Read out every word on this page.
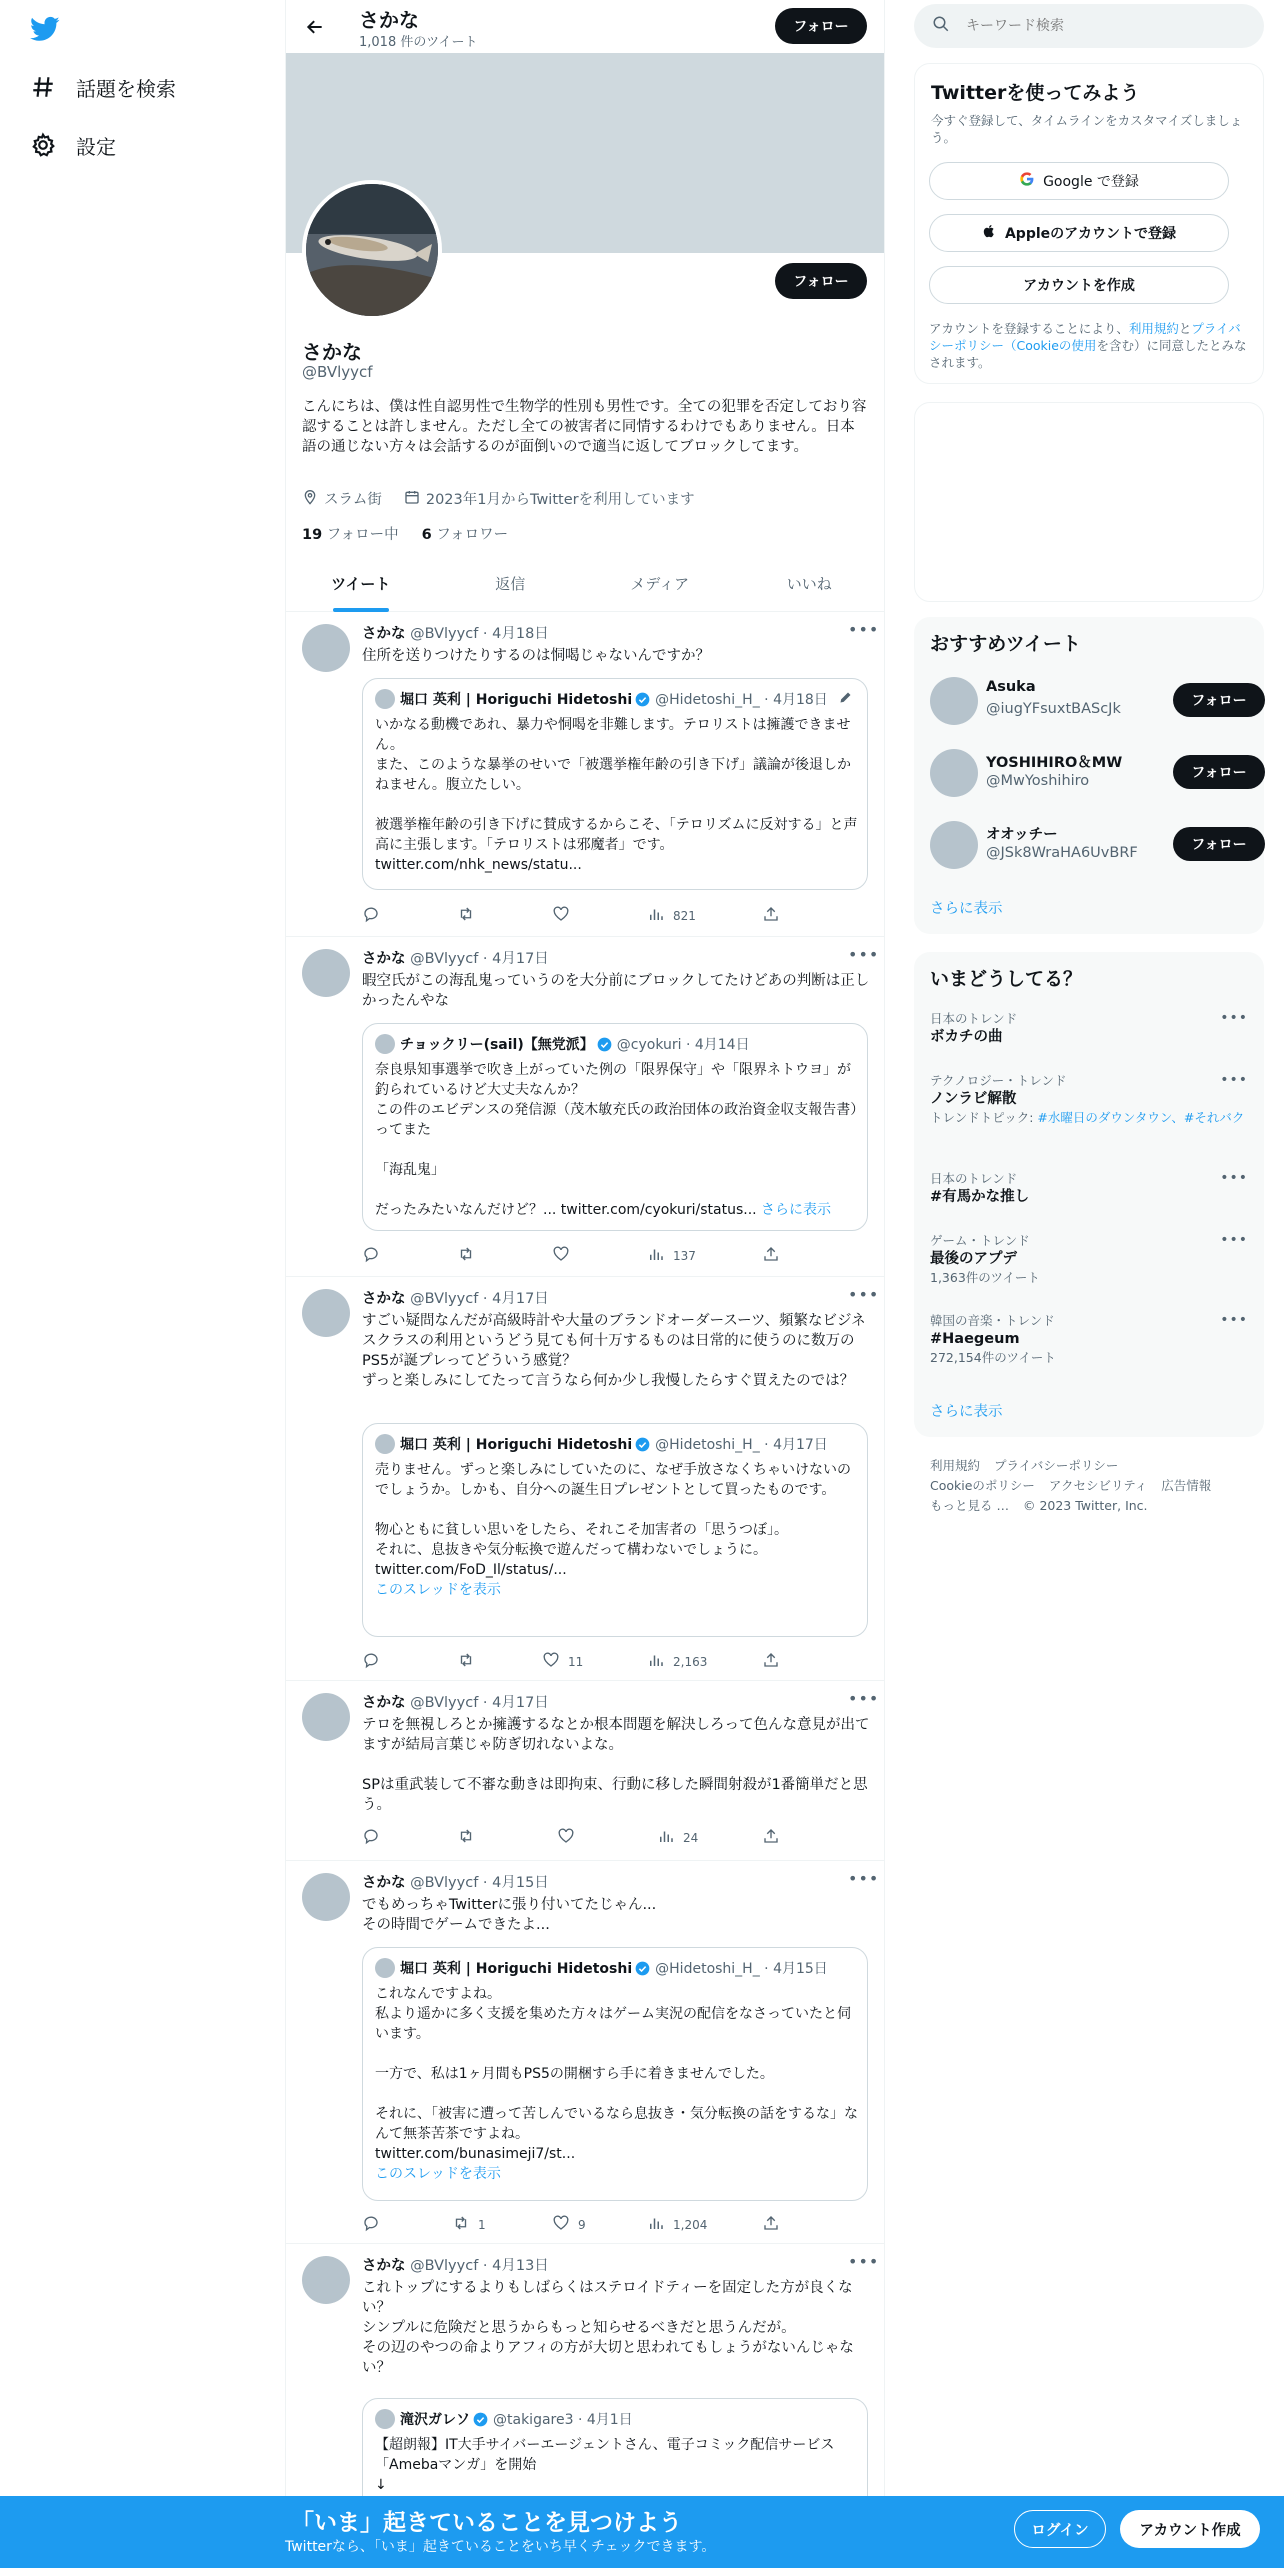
話題を検索
設定
さかな
1,018 件のツイート
フォロー
フォロー
さかな
@BVlyycf
こんにちは、僕は性自認男性で生物学的性別も男性です。全ての犯罪を否定しており容認することは許しません。ただし全ての被害者に同情するわけでもありません。日本語の通じない方々は会話するのが面倒いので適当に返してブロックしてます。
スラム街	2023年1月からTwitterを利用しています
19 フォロー中 6 フォロワー
ツイート	返信	メディア	いいね
さかな @BVlyycf · 4月18日	•••
住所を送りつけたりするのは恫喝じゃないんですか？
堀口 英利 | Horiguchi Hidetoshi @Hidetoshi_H_ · 4月18日
いかなる動機であれ、暴力や恫喝を非難します。テロリストは擁護できません。
また、このような暴挙のせいで「被選挙権年齢の引き下げ」議論が後退しかねません。腹立たしい。

被選挙権年齢の引き下げに賛成するからこそ、「テロリズムに反対する」と声高に主張します。「テロリストは邪魔者」です。
twitter.com/nhk_news/statu...
821
さかな @BVlyycf · 4月17日	•••
暇空氏がこの海乱鬼っていうのを大分前にブロックしてたけどあの判断は正しかったんやな
チョックリー(sail)【無党派】 @cyokuri · 4月14日
奈良県知事選挙で吹き上がっていた例の「限界保守」や「限界ネトウヨ」が釣られているけど大丈夫なんか？
この件のエビデンスの発信源（茂木敏充氏の政治団体の政治資金収支報告書）ってまた

「海乱鬼」

だったみたいなんだけど？... twitter.com/cyokuri/status... さらに表示
137
さかな @BVlyycf · 4月17日	•••
すごい疑問なんだが高級時計や大量のブランドオーダースーツ、頻繁なビジネスクラスの利用というどう見ても何十万するものは日常的に使うのに数万のPS5が誕プレってどういう感覚？
ずっと楽しみにしてたって言うなら何か少し我慢したらすぐ買えたのでは？
堀口 英利 | Horiguchi Hidetoshi @Hidetoshi_H_ · 4月17日
売りません。ずっと楽しみにしていたのに、なぜ手放さなくちゃいけないのでしょうか。しかも、自分への誕生日プレゼントとして買ったものです。

物心ともに貧しい思いをしたら、それこそ加害者の「思うつぼ」。
それに、息抜きや気分転換で遊んだって構わないでしょうに。
twitter.com/FoD_Il/status/...
このスレッドを表示
11	2,163
さかな @BVlyycf · 4月17日	•••
テロを無視しろとか擁護するなとか根本問題を解決しろって色んな意見が出てますが結局言葉じゃ防ぎ切れないよな。

SPは重武装して不審な動きは即拘束、行動に移した瞬間射殺が1番簡単だと思う。
24
さかな @BVlyycf · 4月15日	•••
でもめっちゃTwitterに張り付いてたじゃん...
その時間でゲームできたよ...
堀口 英利 | Horiguchi Hidetoshi @Hidetoshi_H_ · 4月15日
これなんですよね。
私より遥かに多く支援を集めた方々はゲーム実況の配信をなさっていたと伺います。

一方で、私は1ヶ月間もPS5の開梱すら手に着きませんでした。

それに、「被害に遭って苦しんでいるなら息抜き・気分転換の話をするな」なんて無茶苦茶ですよね。
twitter.com/bunasimeji7/st...
このスレッドを表示
1	9	1,204
さかな @BVlyycf · 4月13日	•••
これトップにするよりもしばらくはステロイドティーを固定した方が良くない？
シンプルに危険だと思うからもっと知らせるべきだと思うんだが。
その辺のやつの命よりアフィの方が大切と思われてもしょうがないんじゃない？
滝沢ガレソ @takigare3 · 4月1日
【超朗報】IT大手サイバーエージェントさん、電子コミック配信サービス「Amebaマンガ」を開始
↓
キーワード検索
Twitterを使ってみよう
今すぐ登録して、タイムラインをカスタマイズしましょう。
Google で登録
Appleのアカウントで登録
アカウントを作成
アカウントを登録することにより、利用規約とプライバシーポリシー（Cookieの使用を含む）に同意したとみなされます。
おすすめツイート
Asuka
@iugYFsuxtBAScJk	フォロー
YOSHIHIRO＆MW
@MwYoshihiro	フォロー
オオッチー
@JSk8WraHA6UvBRF	フォロー
さらに表示
いまどうしてる？
日本のトレンド
ボカチの曲
•••
テクノロジー・トレンド
ノンラビ解散
トレンドトピック: #水曜日のダウンタウン、#それバク
•••
日本のトレンド
#有馬かな推し
•••
ゲーム・トレンド
最後のアプデ
1,363件のツイート
•••
韓国の音楽・トレンド
#Haegeum
272,154件のツイート
•••
さらに表示
利用規約 プライバシーポリシー
Cookieのポリシー アクセシビリティ 広告情報
もっと見る … © 2023 Twitter, Inc.
「いま」起きていることを見つけよう
Twitterなら、「いま」起きていることをいち早くチェックできます。
ログイン	アカウント作成
